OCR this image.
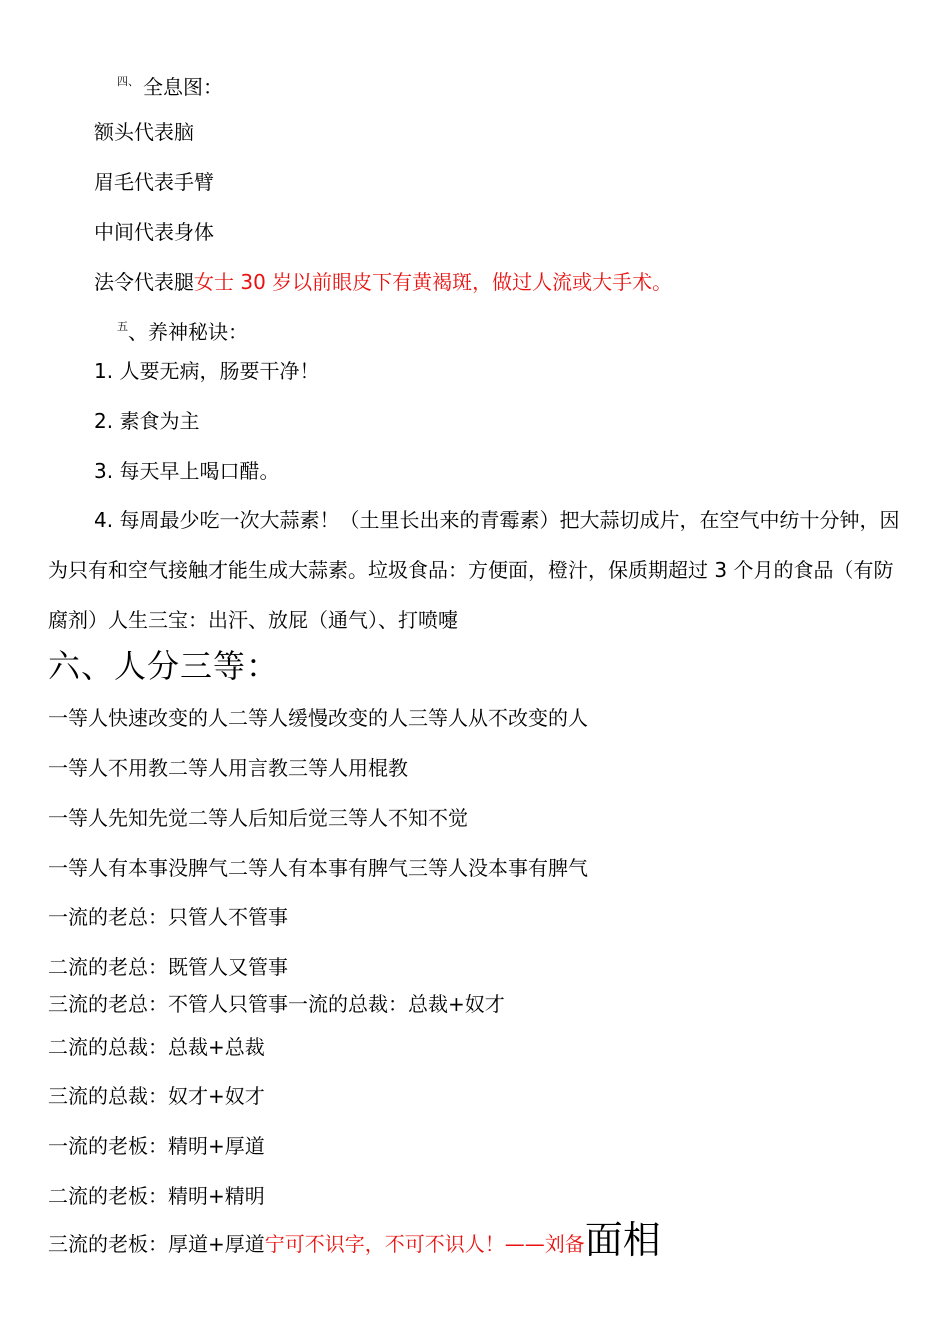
$^{四、}$ 全息图：
额头代表脑
眉毛代表手臂
中间代表身体
法令代表腿女士 30 岁以前眼皮下有黄褐斑，做过人流或大手术。
$^五$、养神秘诀：
1. 人要无病，肠要干净！
2. 素食为主
3. 每天早上喝口醋。
4. 每周最少吃一次大蒜素！（土里长出来的青霉素）把大蒜切成片，在空气中纺十分钟，因为只有和空气接触才能生成大蒜素。垃圾食品：方便面，橙汁，保质期超过 3 个月的食品（有防腐剂）人生三宝：出汗、放屁（通气）、打喷嚏
六、人分三等：
一等人快速改变的人二等人缓慢改变的人三等人从不改变的人
一等人不用教二等人用言教三等人用棍教
一等人先知先觉二等人后知后觉三等人不知不觉
一等人有本事没脾气二等人有本事有脾气三等人没本事有脾气
一流的老总：只管人不管事
二流的老总：既管人又管事
三流的老总：不管人只管事一流的总裁：总裁+奴才
二流的总裁：总裁+总裁
三流的总裁：奴才+奴才
一流的老板：精明+厚道
二流的老板：精明+精明
三流的老板：厚道+厚道宁可不识字，不可不识人！——刘备面相
